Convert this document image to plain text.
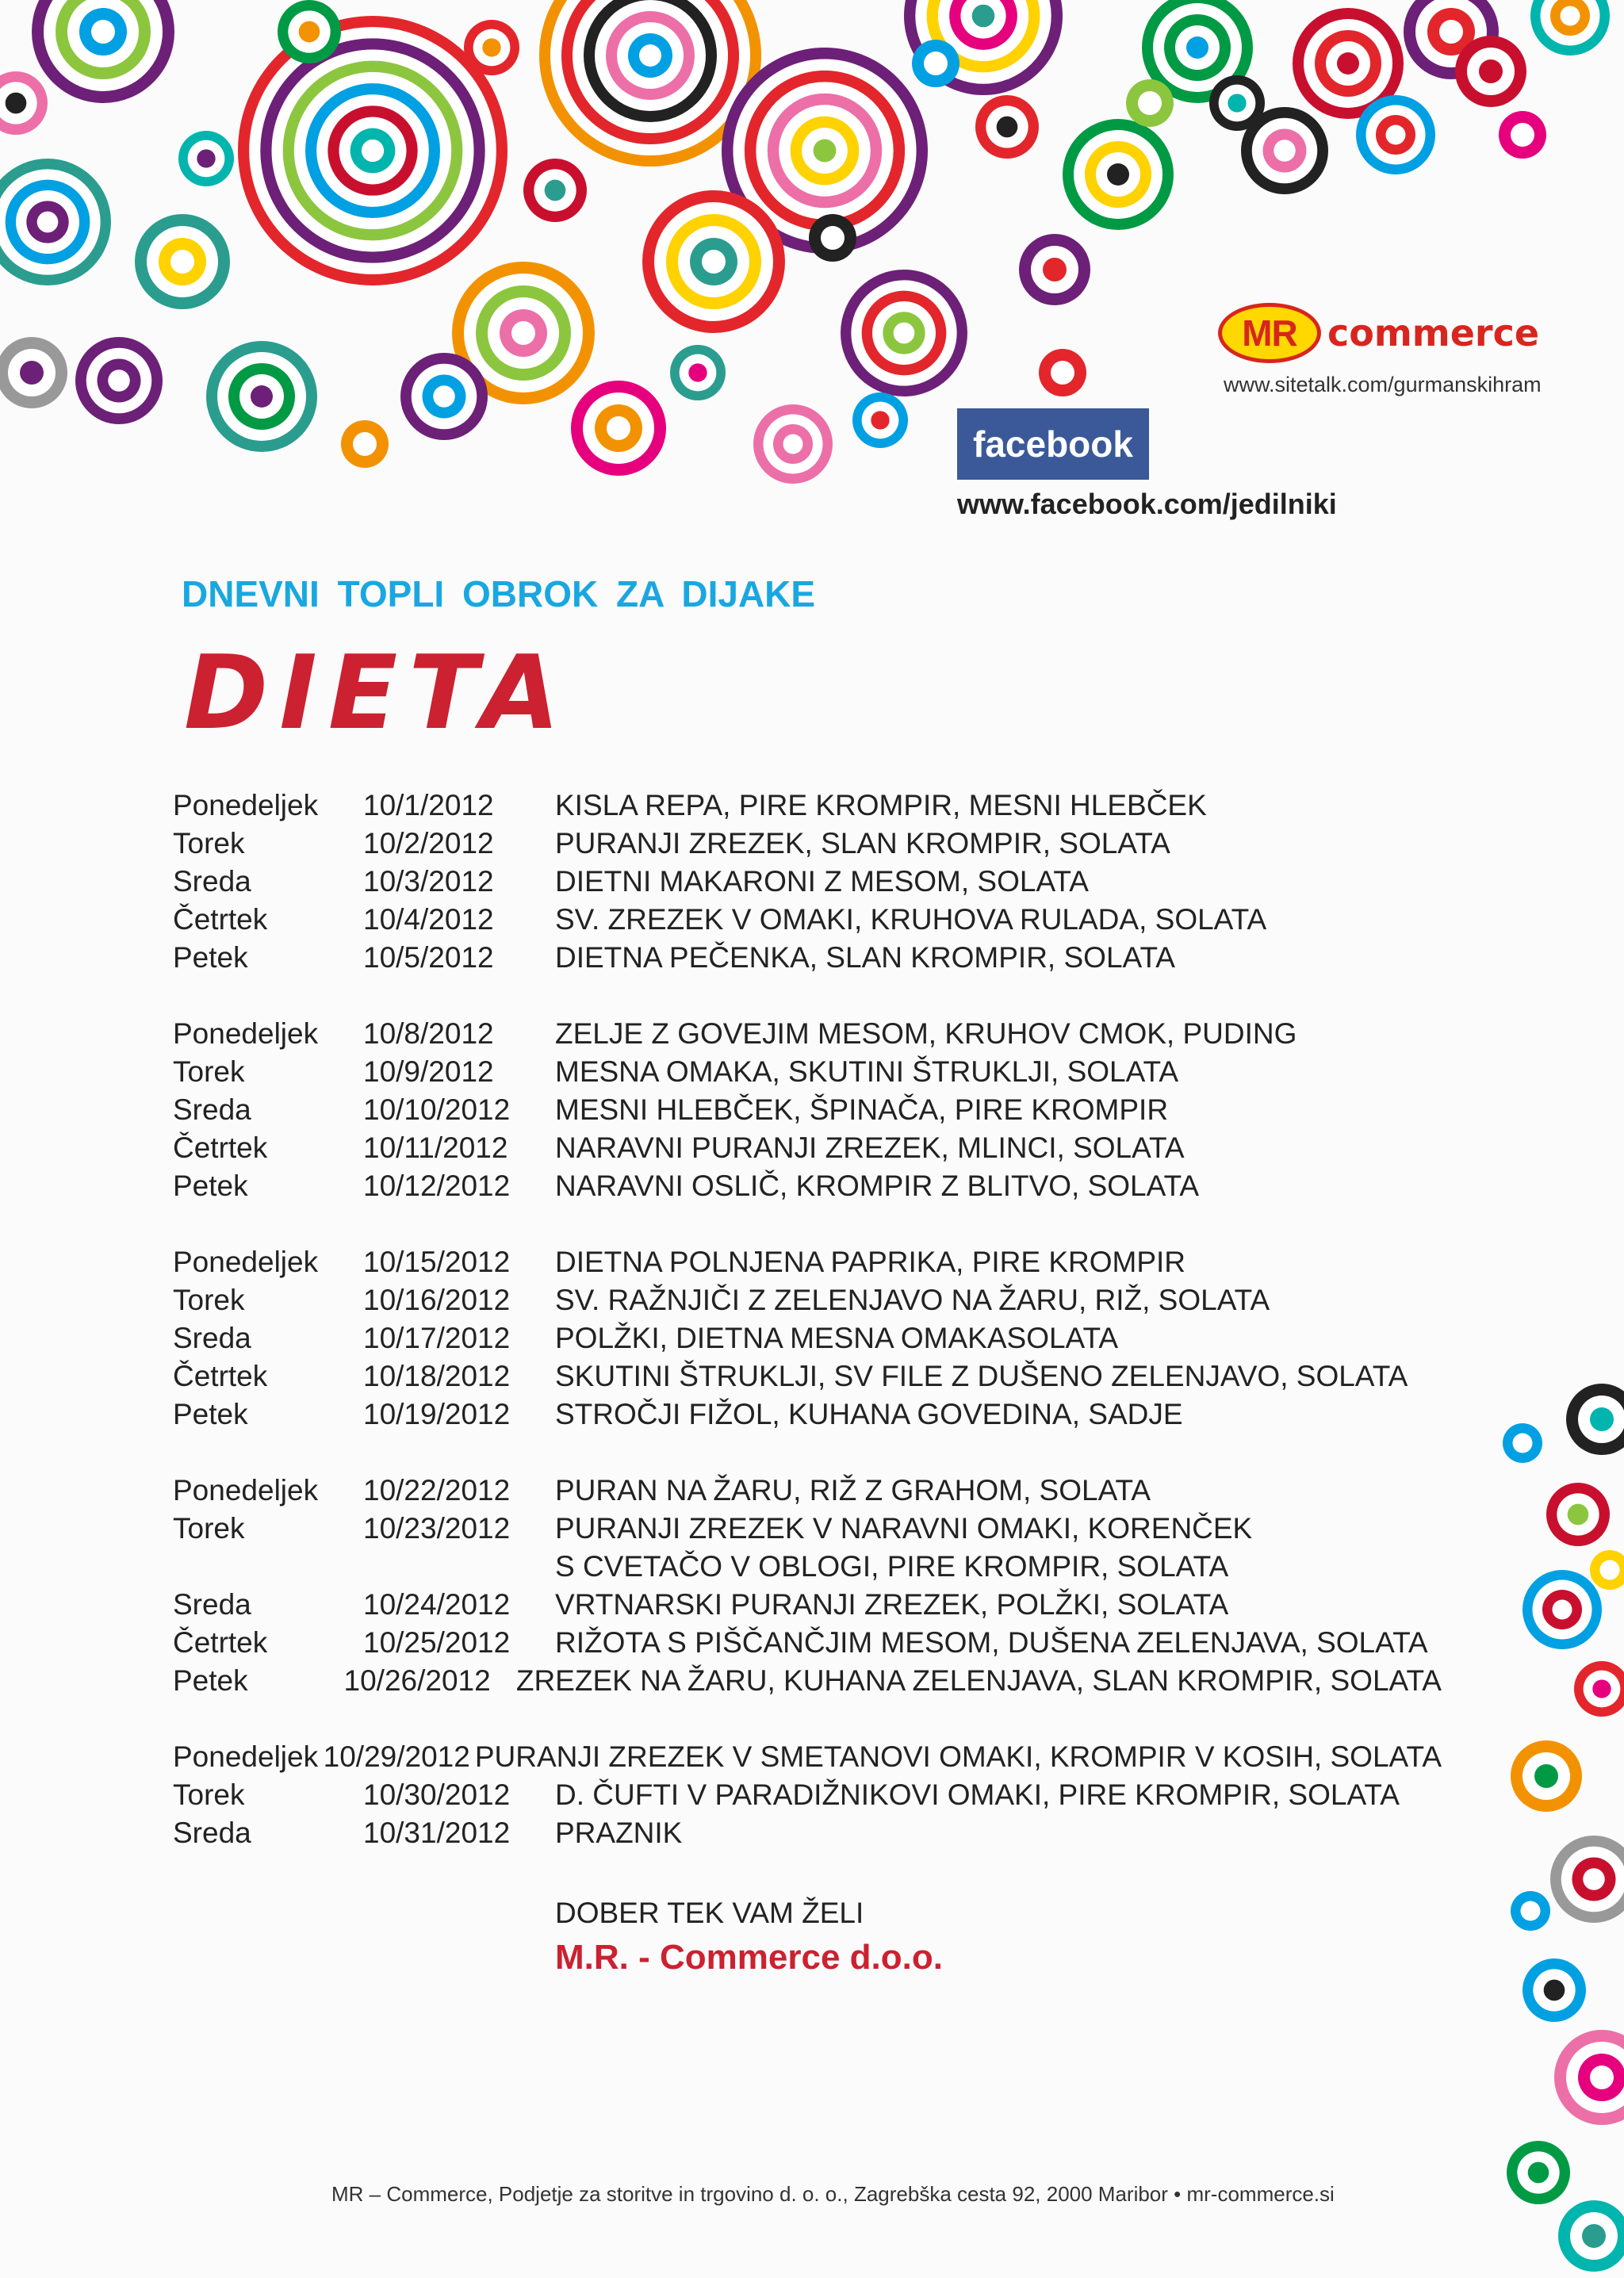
MR commerce
www.sitetalk.com/gurmanskihram
facebook
www.facebook.com/jedilniki
DNEVNI TOPLI OBROK ZA DIJAKE
DIETA
Ponedeljek	10/1/2012	KISLA REPA, PIRE KROMPIR, MESNI HLEBČEK
Torek	10/2/2012	PURANJI ZREZEK, SLAN KROMPIR, SOLATA
Sreda	10/3/2012	DIETNI MAKARONI Z MESOM, SOLATA
Četrtek	10/4/2012	SV. ZREZEK V OMAKI, KRUHOVA RULADA, SOLATA
Petek	10/5/2012	DIETNA PEČENKA, SLAN KROMPIR, SOLATA
Ponedeljek	10/8/2012	ZELJE Z GOVEJIM MESOM, KRUHOV CMOK, PUDING
Torek	10/9/2012	MESNA OMAKA, SKUTINI ŠTRUKLJI, SOLATA
Sreda	10/10/2012	MESNI HLEBČEK, ŠPINAČA, PIRE KROMPIR
Četrtek	10/11/2012	NARAVNI PURANJI ZREZEK, MLINCI, SOLATA
Petek	10/12/2012	NARAVNI OSLIČ, KROMPIR Z BLITVO, SOLATA
Ponedeljek	10/15/2012	DIETNA POLNJENA PAPRIKA, PIRE KROMPIR
Torek	10/16/2012	SV. RAŽNJIČI Z ZELENJAVO NA ŽARU, RIŽ, SOLATA
Sreda	10/17/2012	POLŽKI, DIETNA MESNA OMAKASOLATA
Četrtek	10/18/2012	SKUTINI ŠTRUKLJI, SV FILE Z DUŠENO ZELENJAVO, SOLATA
Petek	10/19/2012	STROČJI FIŽOL, KUHANA GOVEDINA, SADJE
Ponedeljek	10/22/2012	PURAN NA ŽARU, RIŽ Z GRAHOM, SOLATA
Torek	10/23/2012	PURANJI ZREZEK V NARAVNI OMAKI, KORENČEK
S CVETAČO V OBLOGI, PIRE KROMPIR, SOLATA
Sreda	10/24/2012	VRTNARSKI PURANJI ZREZEK, POLŽKI, SOLATA
Četrtek	10/25/2012	RIŽOTA S PIŠČANČJIM MESOM, DUŠENA ZELENJAVA, SOLATA
Petek	10/26/2012 ZREZEK NA ŽARU, KUHANA ZELENJAVA, SLAN KROMPIR, SOLATA
Ponedeljek 10/29/2012 PURANJI ZREZEK V SMETANOVI OMAKI, KROMPIR V KOSIH, SOLATA
Torek	10/30/2012	D. ČUFTI V PARADIŽNIKOVI OMAKI, PIRE KROMPIR, SOLATA
Sreda	10/31/2012	PRAZNIK
DOBER TEK VAM ŽELI
M.R. - Commerce d.o.o.
MR – Commerce, Podjetje za storitve in trgovino d. o. o., Zagrebška cesta 92, 2000 Maribor • mr-commerce.si
